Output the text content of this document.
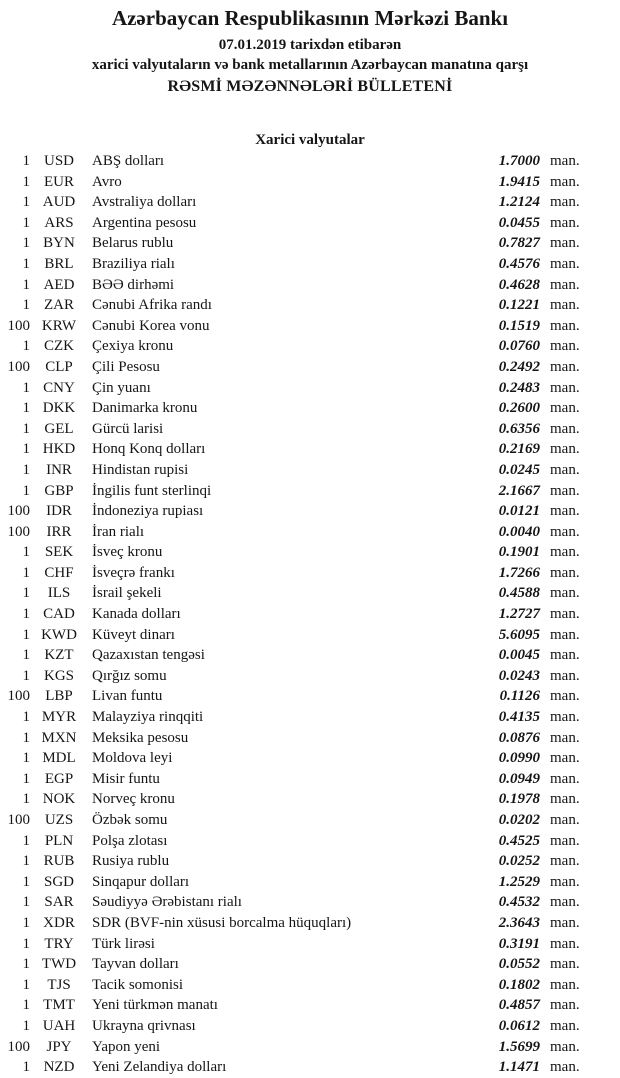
Azərbaycan Respublikasının Mərkəzi Bankı
07.01.2019 tarixdən etibarən
xarici valyutaların və bank metallarının Azərbaycan manatına qarşı
RƏSMİ MƏZƏNNƏLƏRİ BÜLLETENİ
Xarici valyutalar
1 USD	ABŞ dolları	1.7000 man.
1 EUR	Avro	1.9415 man.
1 AUD	Avstraliya dolları	1.2124 man.
1 ARS	Argentina pesosu	0.0455 man.
1 BYN	Belarus rublu	0.7827 man.
1 BRL	Braziliya rialı	0.4576 man.
1 AED	BƏƏ dirhəmi	0.4628 man.
1 ZAR	Cənubi Afrika randı	0.1221 man.
100 KRW	Cənubi Korea vonu	0.1519 man.
1 CZK	Çexiya kronu	0.0760 man.
100	CLP	Çili Pesosu	0.2492 man.
1 CNY	Çin yuanı	0.2483 man.
1 DKK	Danimarka kronu	0.2600 man.
1 GEL	Gürcü larisi	0.6356 man.
1 HKD	Honq Konq dolları	0.2169 man.
1	INR	Hindistan rupisi	0.0245 man.
1 GBP	İngilis funt sterlinqi	2.1667 man.
100	IDR	İndoneziya rupiası	0.0121 man.
100	IRR	İran rialı	0.0040 man.
1 SEK	İsveç kronu	0.1901 man.
1 CHF	İsveçrə frankı	1.7266 man.
1	ILS	İsrail şekeli	0.4588 man.
1 CAD	Kanada dolları	1.2727 man.
1 KWD	Küveyt dinarı	5.6095 man.
1 KZT	Qazaxıstan tengəsi	0.0045 man.
1 KGS	Qırğız somu	0.0243 man.
100	LBP	Livan funtu	0.1126 man.
1 MYR	Malayziya rinqqiti	0.4135 man.
1 MXN	Meksika pesosu	0.0876 man.
1 MDL	Moldova leyi	0.0990 man.
1 EGP	Misir funtu	0.0949 man.
1 NOK	Norveç kronu	0.1978 man.
100 UZS	Özbək somu	0.0202 man.
1 PLN	Polşa zlotası	0.4525 man.
1 RUB	Rusiya rublu	0.0252 man.
1 SGD	Sinqapur dolları	1.2529 man.
1 SAR	Səudiyyə Ərəbistanı rialı	0.4532 man.
1 XDR	SDR (BVF-nin xüsusi borcalma hüquqları)	2.3643 man.
1 TRY	Türk lirəsi	0.3191 man.
1 TWD	Tayvan dolları	0.0552 man.
1	TJS	Tacik somonisi	0.1802 man.
1 TMT	Yeni türkmən manatı	0.4857 man.
1 UAH	Ukrayna qrivnası	0.0612 man.
100	JPY	Yapon yeni	1.5699 man.
1 NZD	Yeni Zelandiya dolları	1.1471 man.
